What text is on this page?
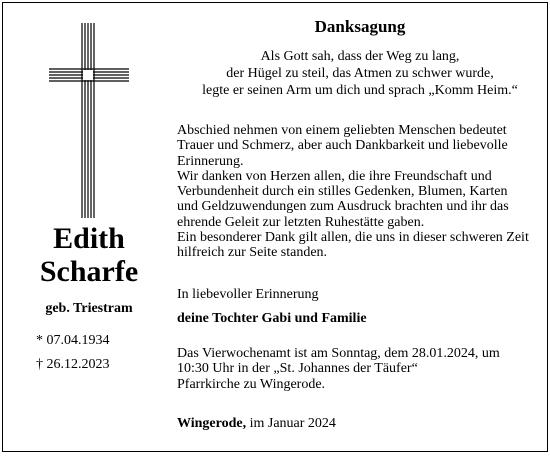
Edith
Scharfe
geb. Triestram
* 07.04.1934
† 26.12.2023
Danksagung
Als Gott sah, dass der Weg zu lang,
der Hügel zu steil, das Atmen zu schwer wurde,
legte er seinen Arm um dich und sprach „Komm Heim.“
Abschied nehmen von einem geliebten Menschen bedeutet
Trauer und Schmerz, aber auch Dankbarkeit und liebevolle
Erinnerung.
Wir danken von Herzen allen, die ihre Freundschaft und
Verbundenheit durch ein stilles Gedenken, Blumen, Karten
und Geldzuwendungen zum Ausdruck brachten und ihr das
ehrende Geleit zur letzten Ruhestätte gaben.
Ein besonderer Dank gilt allen, die uns in dieser schweren Zeit
hilfreich zur Seite standen.
In liebevoller Erinnerung
deine Tochter Gabi und Familie
Das Vierwochenamt ist am Sonntag, dem 28.01.2024, um
10:30 Uhr in der „St. Johannes der Täufer“
Pfarrkirche zu Wingerode.
Wingerode, im Januar 2024
